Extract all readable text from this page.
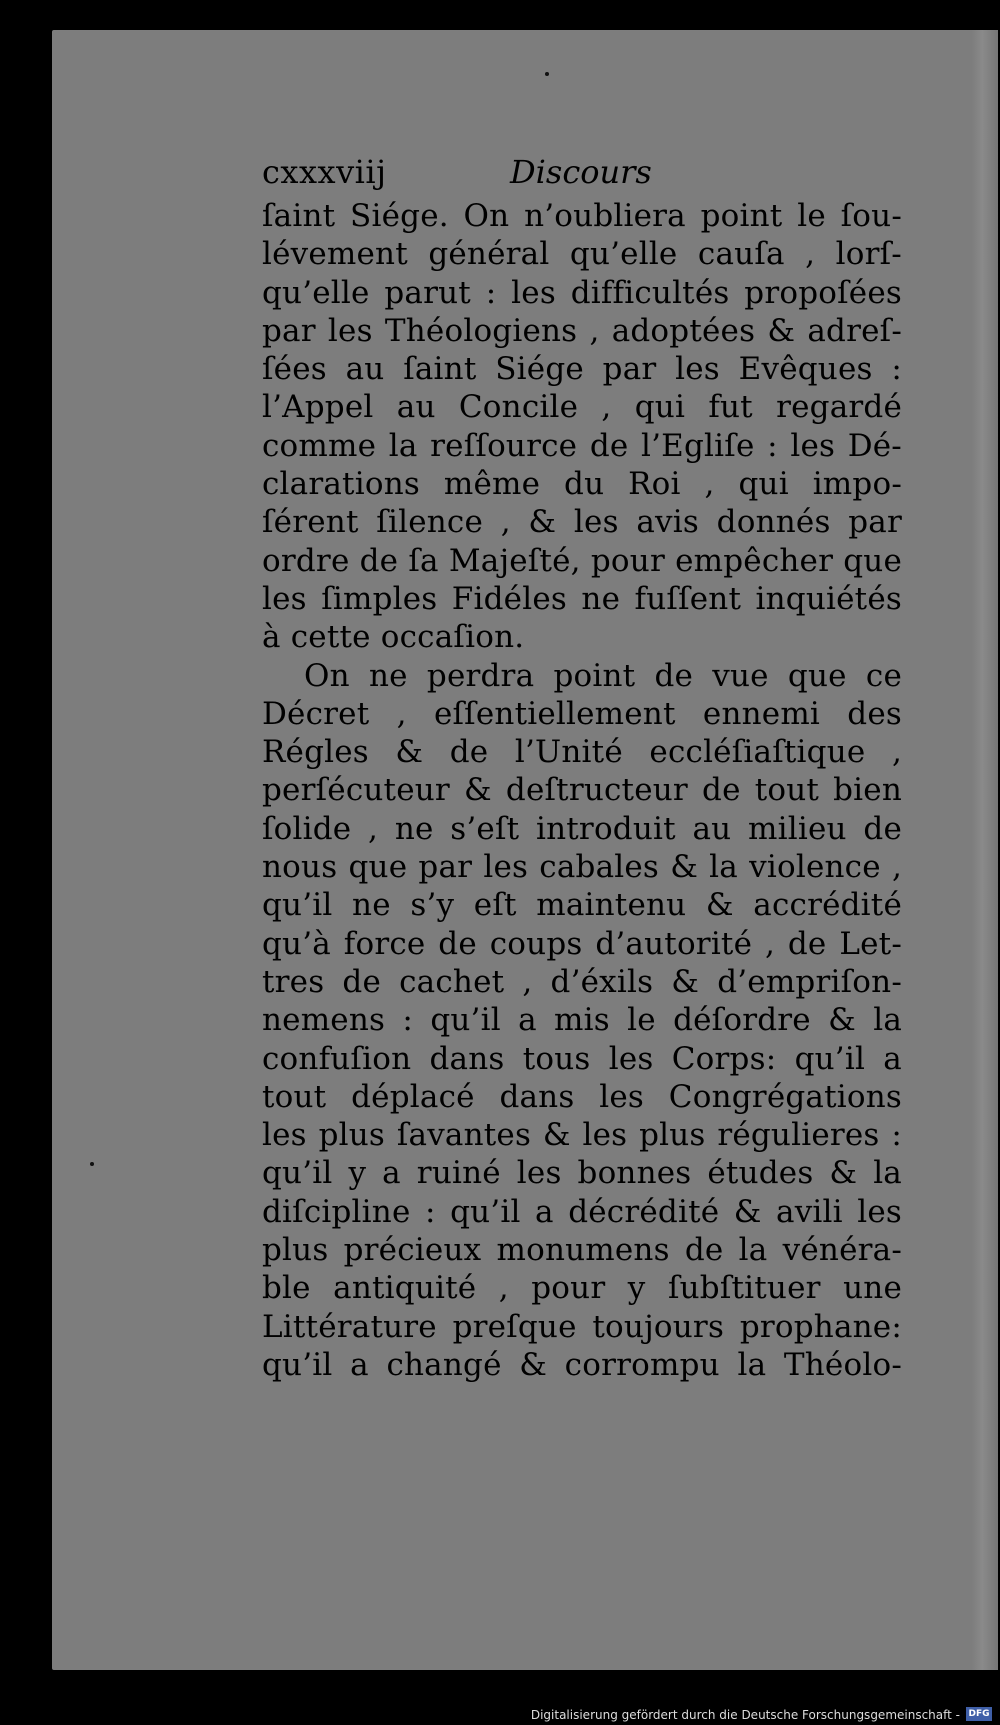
cxxxviij	Discours
ſaint Siége. On n’oubliera point le ſou-
lévement général qu’elle cauſa , lorſ-
qu’elle parut : les difficultés propoſées
par les Théologiens , adoptées & adreſ-
ſées au ſaint Siége par les Evêques :
l’Appel au Concile , qui fut regardé
comme la reſſource de l’Egliſe : les Dé-
clarations même du Roi , qui impo-
ſérent ſilence , & les avis donnés par
ordre de ſa Majeſté, pour empêcher que
les ſimples Fidéles ne fuſſent inquiétés
à cette occaſion.
On ne perdra point de vue que ce
Décret , eſſentiellement ennemi des
Régles & de l’Unité eccléſiaſtique ,
perſécuteur & deſtructeur de tout bien
ſolide , ne s’eſt introduit au milieu de
nous que par les cabales & la violence ,
qu’il ne s’y eſt maintenu & accrédité
qu’à force de coups d’autorité , de Let-
tres de cachet , d’éxils & d’empriſon-
nemens : qu’il a mis le déſordre & la
confuſion dans tous les Corps: qu’il a
tout déplacé dans les Congrégations
les plus ſavantes & les plus régulieres :
qu’il y a ruiné les bonnes études & la
diſcipline : qu’il a décrédité & avili les
plus précieux monumens de la vénéra-
ble antiquité , pour y ſubſtituer une
Littérature preſque toujours prophane:
qu’il a changé & corrompu la Théolo-
Digitalisierung gefördert durch die Deutsche Forschungsgemeinschaft - DFG
